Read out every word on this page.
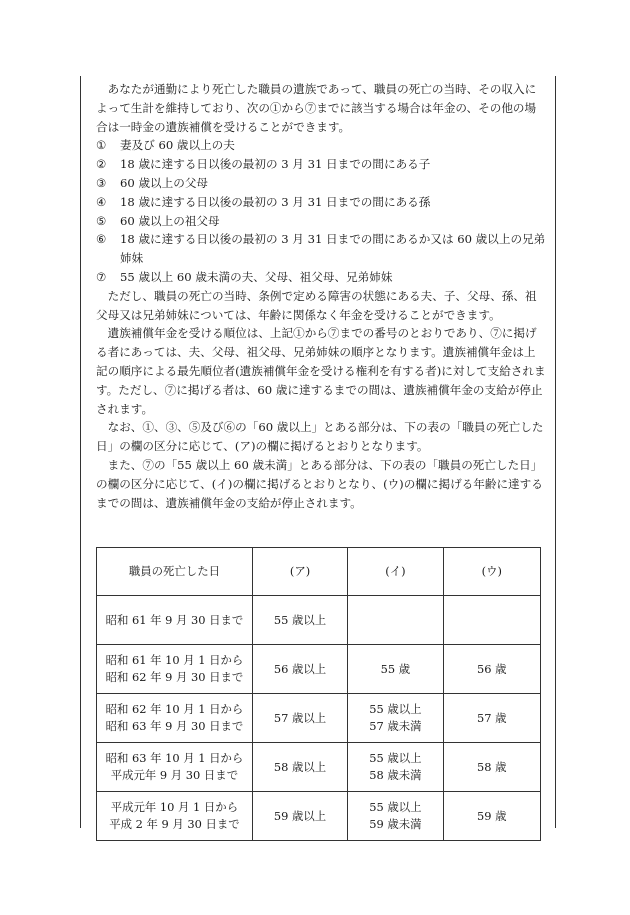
あなたが通勤により死亡した職員の遺族であって、職員の死亡の当時、その収入によって生計を維持しており、次の①から⑦までに該当する場合は年金の、その他の場合は一時金の遺族補償を受けることができます。

①	妻及び 60 歳以上の夫
②	18 歳に達する日以後の最初の 3 月 31 日までの間にある子
③	60 歳以上の父母
④	18 歳に達する日以後の最初の 3 月 31 日までの間にある孫
⑤	60 歳以上の祖父母
⑥	18 歳に達する日以後の最初の 3 月 31 日までの間にあるか又は 60 歳以上の兄弟姉妹
⑦	55 歳以上 60 歳未満の夫、父母、祖父母、兄弟姉妹

ただし、職員の死亡の当時、条例で定める障害の状態にある夫、子、父母、孫、祖父母又は兄弟姉妹については、年齢に関係なく年金を受けることができます。

遺族補償年金を受ける順位は、上記①から⑦までの番号のとおりであり、⑦に掲げる者にあっては、夫、父母、祖父母、兄弟姉妹の順序となります。遺族補償年金は上記の順序による最先順位者(遺族補償年金を受ける権利を有する者)に対して支給されます。ただし、⑦に掲げる者は、60 歳に達するまでの間は、遺族補償年金の支給が停止されます。

なお、①、③、⑤及び⑥の「60 歳以上」とある部分は、下の表の「職員の死亡した日」の欄の区分に応じて、(ア)の欄に掲げるとおりとなります。

また、⑦の「55 歳以上 60 歳未満」とある部分は、下の表の「職員の死亡した日」の欄の区分に応じて、(イ)の欄に掲げるとおりとなり、(ウ)の欄に掲げる年齢に達するまでの間は、遺族補償年金の支給が停止されます。

職員の死亡した日	(ア)	(イ)	(ウ)

昭和 61 年 9 月 30 日まで	55 歳以上		

昭和 61 年 10 月 1 日から
昭和 62 年 9 月 30 日まで	56 歳以上	55 歳	56 歳

昭和 62 年 10 月 1 日から
昭和 63 年 9 月 30 日まで	57 歳以上	55 歳以上
57 歳未満	57 歳

昭和 63 年 10 月 1 日から
平成元年 9 月 30 日まで	58 歳以上	55 歳以上
58 歳未満	58 歳

平成元年 10 月 1 日から
平成 2 年 9 月 30 日まで	59 歳以上	55 歳以上
59 歳未満	59 歳
